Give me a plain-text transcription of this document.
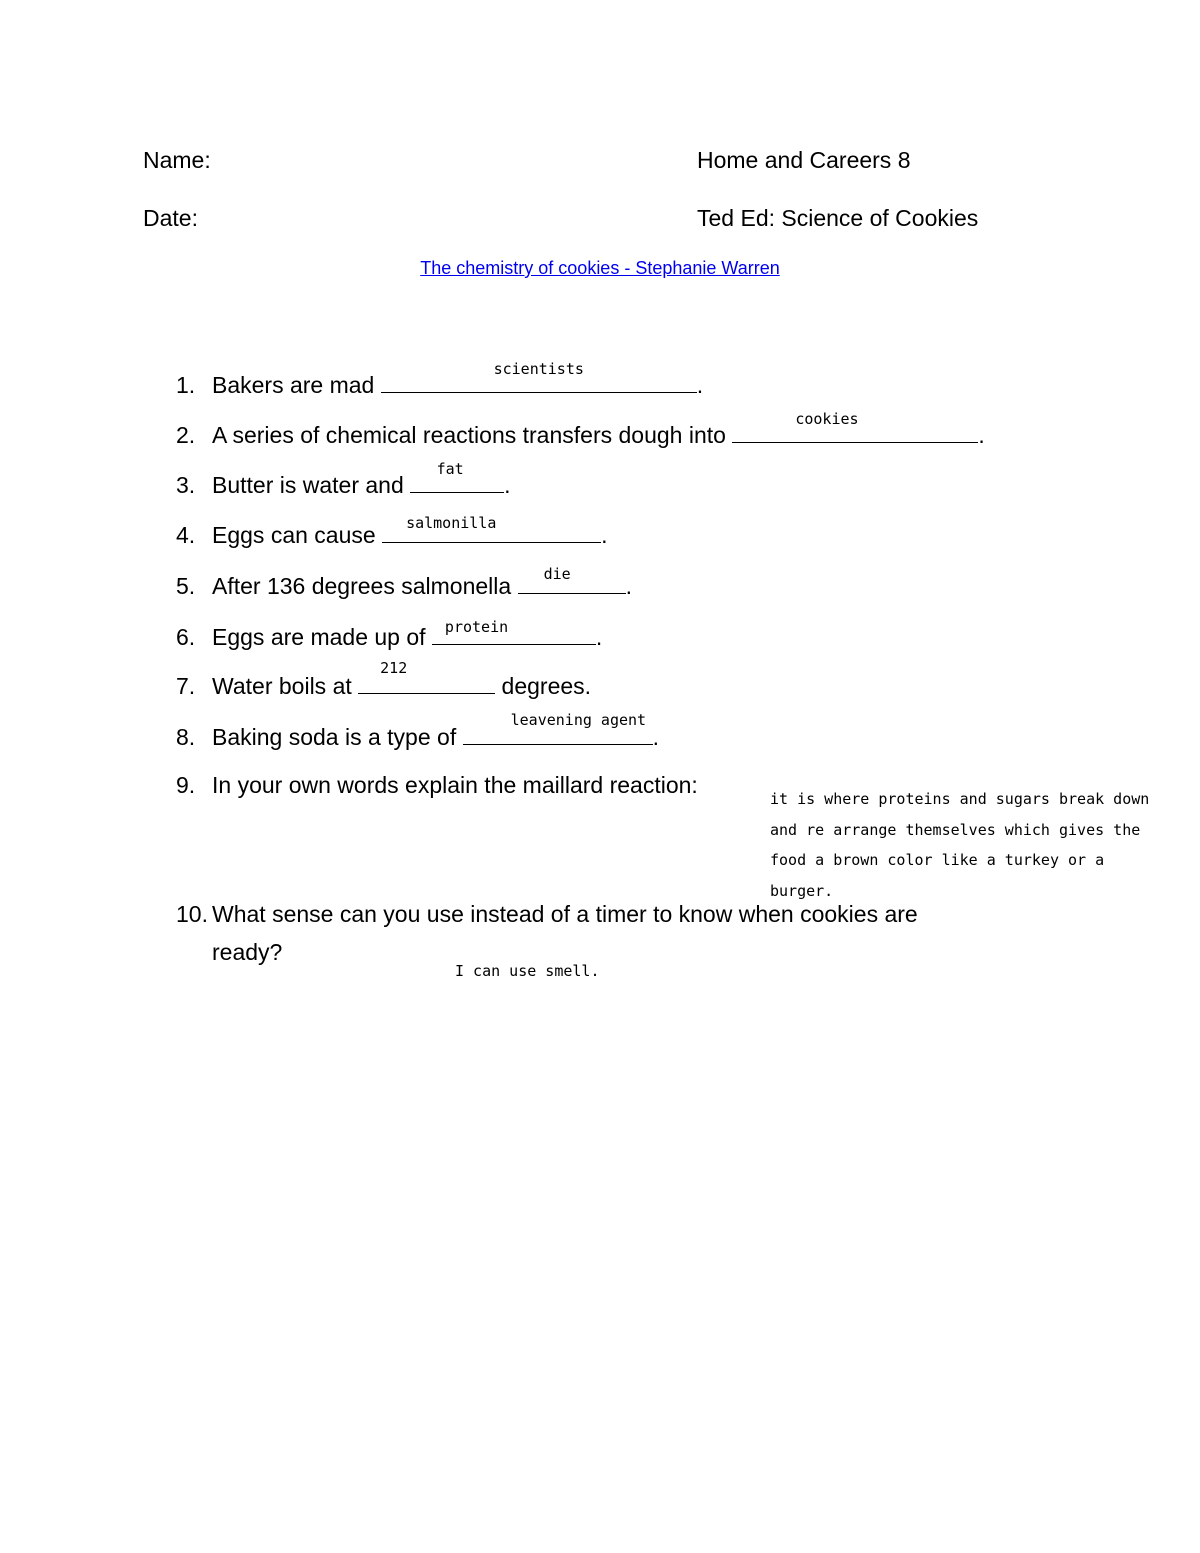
Name:	Home and Careers 8
Date:	Ted Ed: Science of Cookies
The chemistry of cookies - Stephanie Warren
1. Bakers are mad
scientists
.
2. A series of chemical reactions transfers dough into
cookies
.
3. Butter is water and
fat
.
4. Eggs can cause salmonilla	.
5. After 136 degrees salmonella die	.
6. Eggs are made up of protein	.
7. Water boils at
212
degrees.
8. Baking soda is a type of
leavening agent
.
9. In your own words explain the maillard reaction:
it is where proteins and sugars break down and re arrange themselves which gives the food a brown color like a turkey or a burger.
10. What sense can you use instead of a timer to know when cookies are
ready?
I can use smell.
